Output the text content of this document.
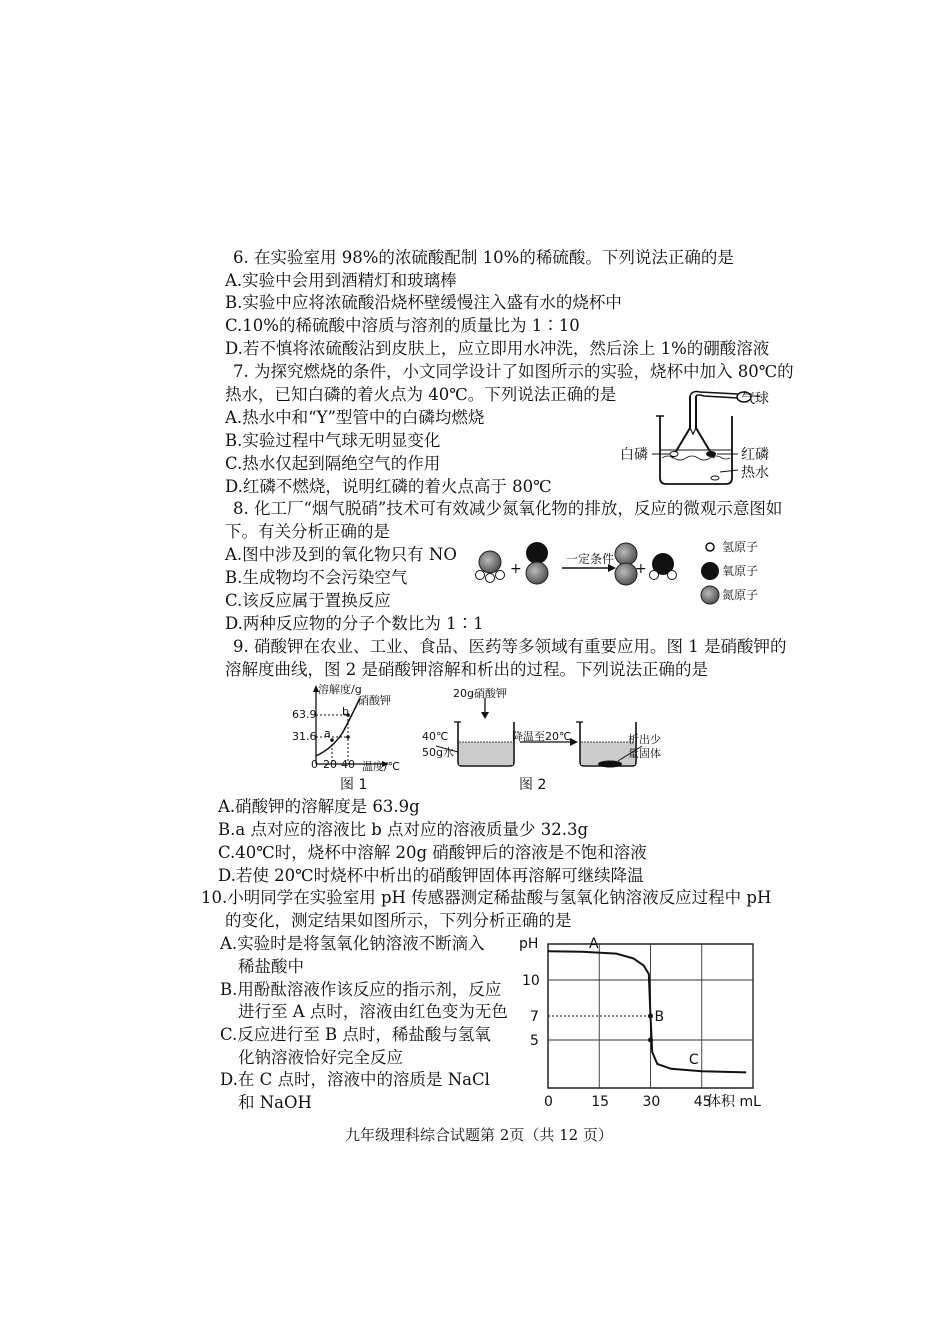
6. 在实验室用 98%的浓硫酸配制 10%的稀硫酸。下列说法正确的是
A.实验中会用到酒精灯和玻璃棒
B.实验中应将浓硫酸沿烧杯壁缓慢注入盛有水的烧杯中
C.10%的稀硫酸中溶质与溶剂的质量比为 1∶10
D.若不慎将浓硫酸沾到皮肤上，应立即用水冲洗，然后涂上 1%的硼酸溶液
7. 为探究燃烧的条件，小文同学设计了如图所示的实验，烧杯中加入 80℃的
热水，已知白磷的着火点为 40℃。下列说法正确的是
A.热水中和“Y”型管中的白磷均燃烧
B.实验过程中气球无明显变化
C.热水仅起到隔绝空气的作用
D.红磷不燃烧，说明红磷的着火点高于 80℃
气球
白磷	红磷
热水
8. 化工厂“烟气脱硝”技术可有效减少氮氧化物的排放，反应的微观示意图如
下。有关分析正确的是
A.图中涉及到的氧化物只有 NO
B.生成物均不会污染空气
C.该反应属于置换反应
D.两种反应物的分子个数比为 1∶1
+
一定条件
+
氢原子
氧原子
氮原子
9. 硝酸钾在农业、工业、食品、医药等多领域有重要应用。图 1 是硝酸钾的
溶解度曲线，图 2 是硝酸钾溶解和析出的过程。下列说法正确的是
溶解度/g
硝酸钾
b
a
63.9
31.6
0 20 40 温度/℃
图 1
20g硝酸钾
40℃
50g水
降温至20℃	析出少
量固体
图 2
A.硝酸钾的溶解度是 63.9g
B.a 点对应的溶液比 b 点对应的溶液质量少 32.3g
C.40℃时，烧杯中溶解 20g 硝酸钾后的溶液是不饱和溶液
D.若使 20℃时烧杯中析出的硝酸钾固体再溶解可继续降温
10.小明同学在实验室用 pH 传感器测定稀盐酸与氢氧化钠溶液反应过程中 pH
的变化，测定结果如图所示，下列分析正确的是
A.实验时是将氢氧化钠溶液不断滴入
稀盐酸中
B.用酚酞溶液作该反应的指示剂，反应
进行至 A 点时，溶液由红色变为无色
C.反应进行至 B 点时，稀盐酸与氢氧
化钠溶液恰好完全反应
D.在 C 点时，溶液中的溶质是 NaCl
和 NaOH
pH
体积 mL
0	15 30 45
10
7
5
A
B
C
九年级理科综合试题第 2页（共 12 页）
